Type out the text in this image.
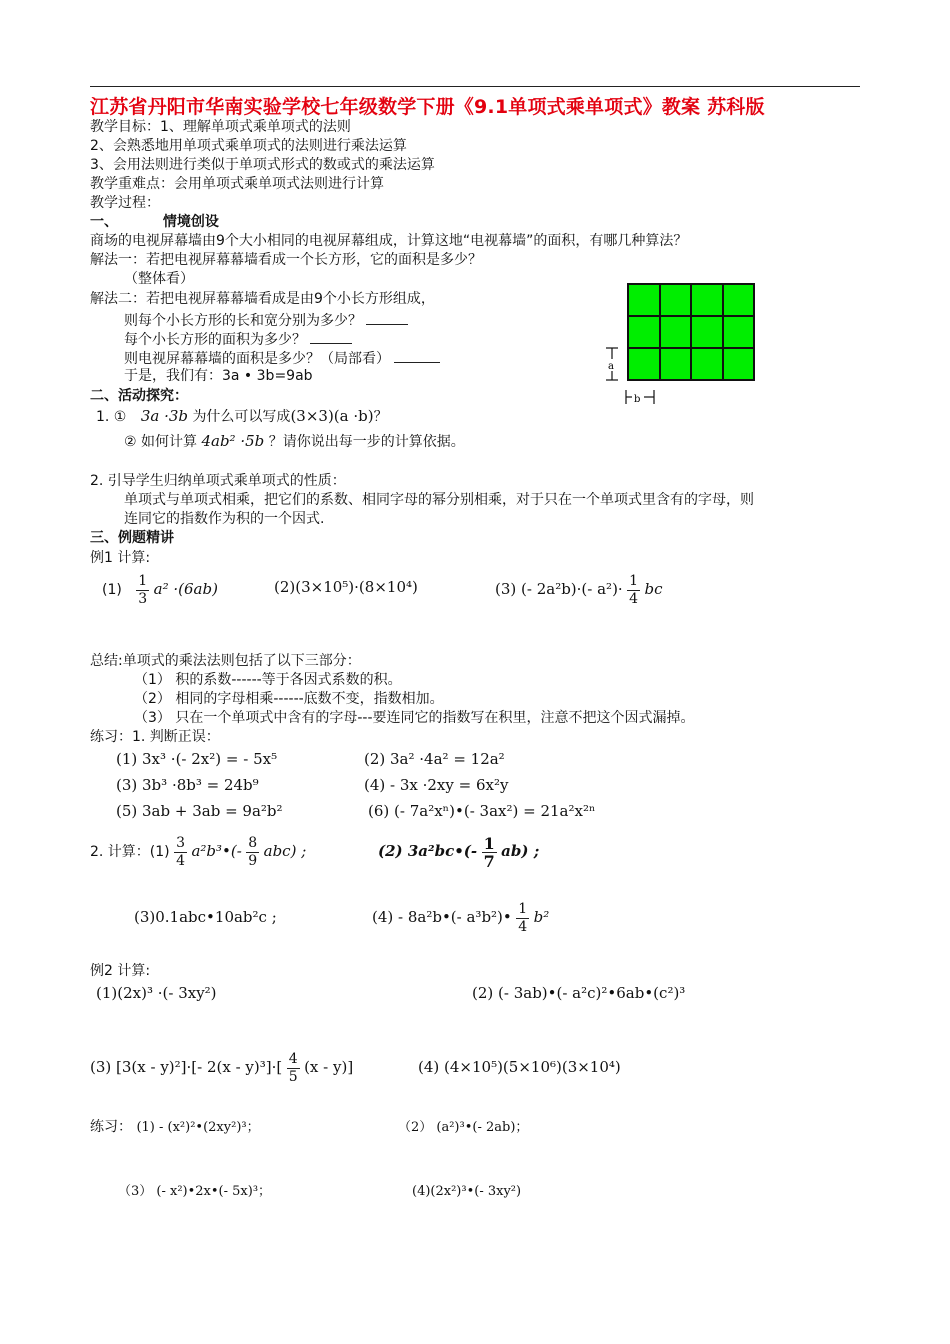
江苏省丹阳市华南实验学校七年级数学下册《9.1单项式乘单项式》教案 苏科版
教学目标：1、理解单项式乘单项式的法则
2、会熟悉地用单项式乘单项式的法则进行乘法运算
3、会用法则进行类似于单项式形式的数或式的乘法运算
教学重难点：会用单项式乘单项式法则进行计算
教学过程：
一、	情境创设
商场的电视屏幕墙由9个大小相同的电视屏幕组成，计算这地“电视幕墙”的面积，有哪几种算法？
解法一：若把电视屏幕幕墙看成一个长方形，它的面积是多少？
（整体看）
解法二：若把电视屏幕幕墙看成是由9个小长方形组成，
则每个小长方形的长和宽分别为多少？
每个小长方形的面积为多少？
则电视屏幕幕墙的面积是多少？（局部看）
于是，我们有：3a • 3b=9ab
a
b
二、活动探究：
1. ① 3a ·3b 为什么可以写成(3×3)(a ·b)？
② 如何计算 4ab² ·5b ？请你说出每一步的计算依据。
2. 引导学生归纳单项式乘单项式的性质：
单项式与单项式相乘，把它们的系数、相同字母的幂分别相乘，对于只在一个单项式里含有的字母，则
连同它的指数作为积的一个因式.
三、例题精讲
例1 计算:
$(1) \frac{1}{3} a^2 \cdot(6ab)$	(2)(3×10⁵)·(8×10⁴)	(3) (- 2a²b)·(- $a^2)\cdot \frac{1}{4}$ bc
总结:单项式的乘法法则包括了以下三部分：
（1） 积的系数------等于各因式系数的积。
（2） 相同的字母相乘------底数不变，指数相加。
（3） 只在一个单项式中含有的字母---要连同它的指数写在积里，注意不把这个因式漏掉。
练习：1. 判断正误：
(1) 3x³ ·(- 2x²) = - 5x⁵	(2) 3a² ·4a² = 12a²
(3) 3b³ ·8b³ = 24b⁹	(4) - 3x ·2xy = 6x²y
(5) 3ab + 3ab = 9a²b²	(6) (- 7a²xⁿ)•(- 3ax²) = 21a²x²ⁿ
2. 计算：$(1) \frac{3}{4}$ a²b³•(- $\frac{8}{9} abc$) ;	(2) 3a²bc•(- $\frac{1}{7} ab$) ;
(3)0.1abc•10ab²c ;	(4) - 8a²b•(- a³b²)• $\frac{1}{4} b^2$
例2 计算:
(1)(2x)³ ·(- 3xy²)	(2) (- 3ab)•(- a²c)²•6ab•(c²)³
(3) [3(x - y)²]·[- $2(x - y)^3]\cdot[ \frac{4}{5} (x - y)]$	(4) (4×10⁵)(5×10⁶)(3×10⁴)
练习： (1) - (x²)²•(2xy²)³；	（2） (a²)³•(- 2ab)；
（3） (- x²)•2x•(- 5x)³；	(4)(2x²)³•(- 3xy²)
